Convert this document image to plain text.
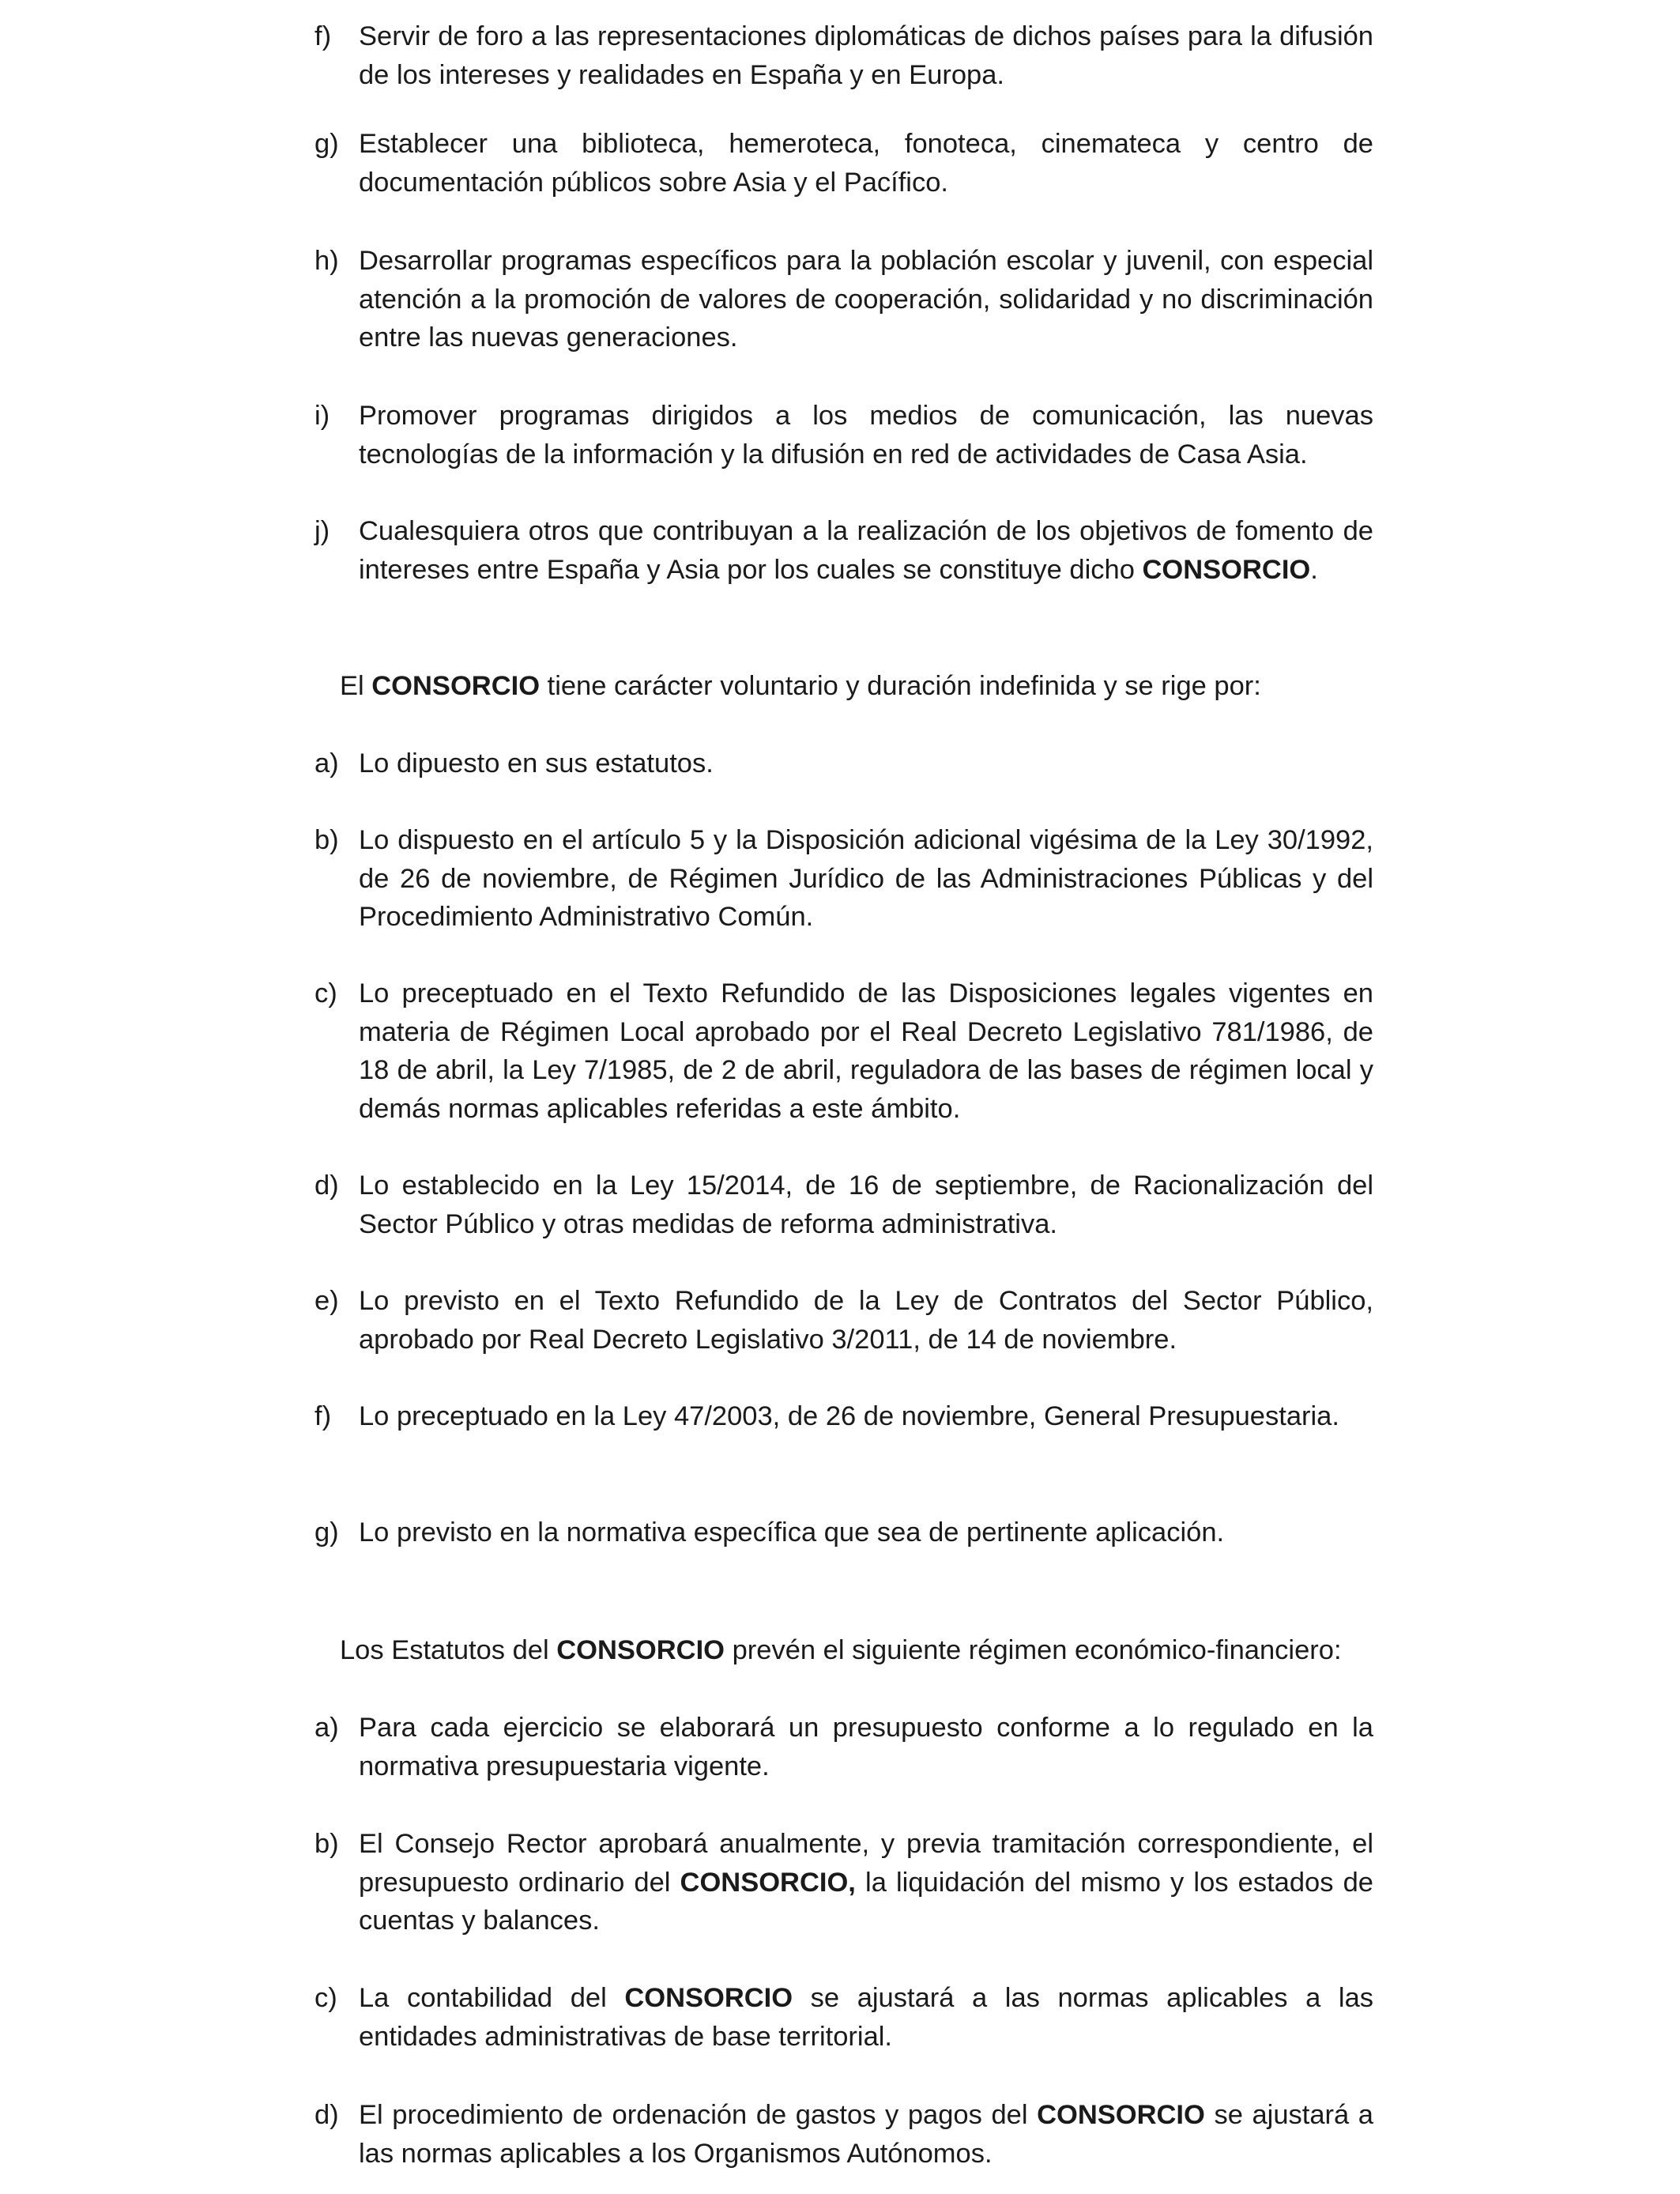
f)	Servir de foro a las representaciones diplomáticas de dichos países para la difusión de los intereses y realidades en España y en Europa.
g) Establecer una biblioteca, hemeroteca, fonoteca, cinemateca y centro de documentación públicos sobre Asia y el Pacífico.
h) Desarrollar programas específicos para la población escolar y juvenil, con especial atención a la promoción de valores de cooperación, solidaridad y no discriminación entre las nuevas generaciones.
i)	Promover programas dirigidos a los medios de comunicación, las nuevas tecnologías de la información y la difusión en red de actividades de Casa Asia.
j)	Cualesquiera otros que contribuyan a la realización de los objetivos de fomento de intereses entre España y Asia por los cuales se constituye dicho CONSORCIO.
El CONSORCIO tiene carácter voluntario y duración indefinida y se rige por:
a) Lo dipuesto en sus estatutos.
b) Lo dispuesto en el artículo 5 y la Disposición adicional vigésima de la Ley 30/1992, de 26 de noviembre, de Régimen Jurídico de las Administraciones Públicas y del Procedimiento Administrativo Común.
c) Lo preceptuado en el Texto Refundido de las Disposiciones legales vigentes en materia de Régimen Local aprobado por el Real Decreto Legislativo 781/1986, de 18 de abril, la Ley 7/1985, de 2 de abril, reguladora de las bases de régimen local y demás normas aplicables referidas a este ámbito.
d) Lo establecido en la Ley 15/2014, de 16 de septiembre, de Racionalización del Sector Público y otras medidas de reforma administrativa.
e) Lo previsto en el Texto Refundido de la Ley de Contratos del Sector Público, aprobado por Real Decreto Legislativo 3/2011, de 14 de noviembre.
f)	Lo preceptuado en la Ley 47/2003, de 26 de noviembre, General Presupuestaria.
g) Lo previsto en la normativa específica que sea de pertinente aplicación.
Los Estatutos del CONSORCIO prevén el siguiente régimen económico-financiero:
a) Para cada ejercicio se elaborará un presupuesto conforme a lo regulado en la normativa presupuestaria vigente.
b) El Consejo Rector aprobará anualmente, y previa tramitación correspondiente, el presupuesto ordinario del CONSORCIO, la liquidación del mismo y los estados de cuentas y balances.
c) La contabilidad del CONSORCIO se ajustará a las normas aplicables a las entidades administrativas de base territorial.
d) El procedimiento de ordenación de gastos y pagos del CONSORCIO se ajustará a las normas aplicables a los Organismos Autónomos.
